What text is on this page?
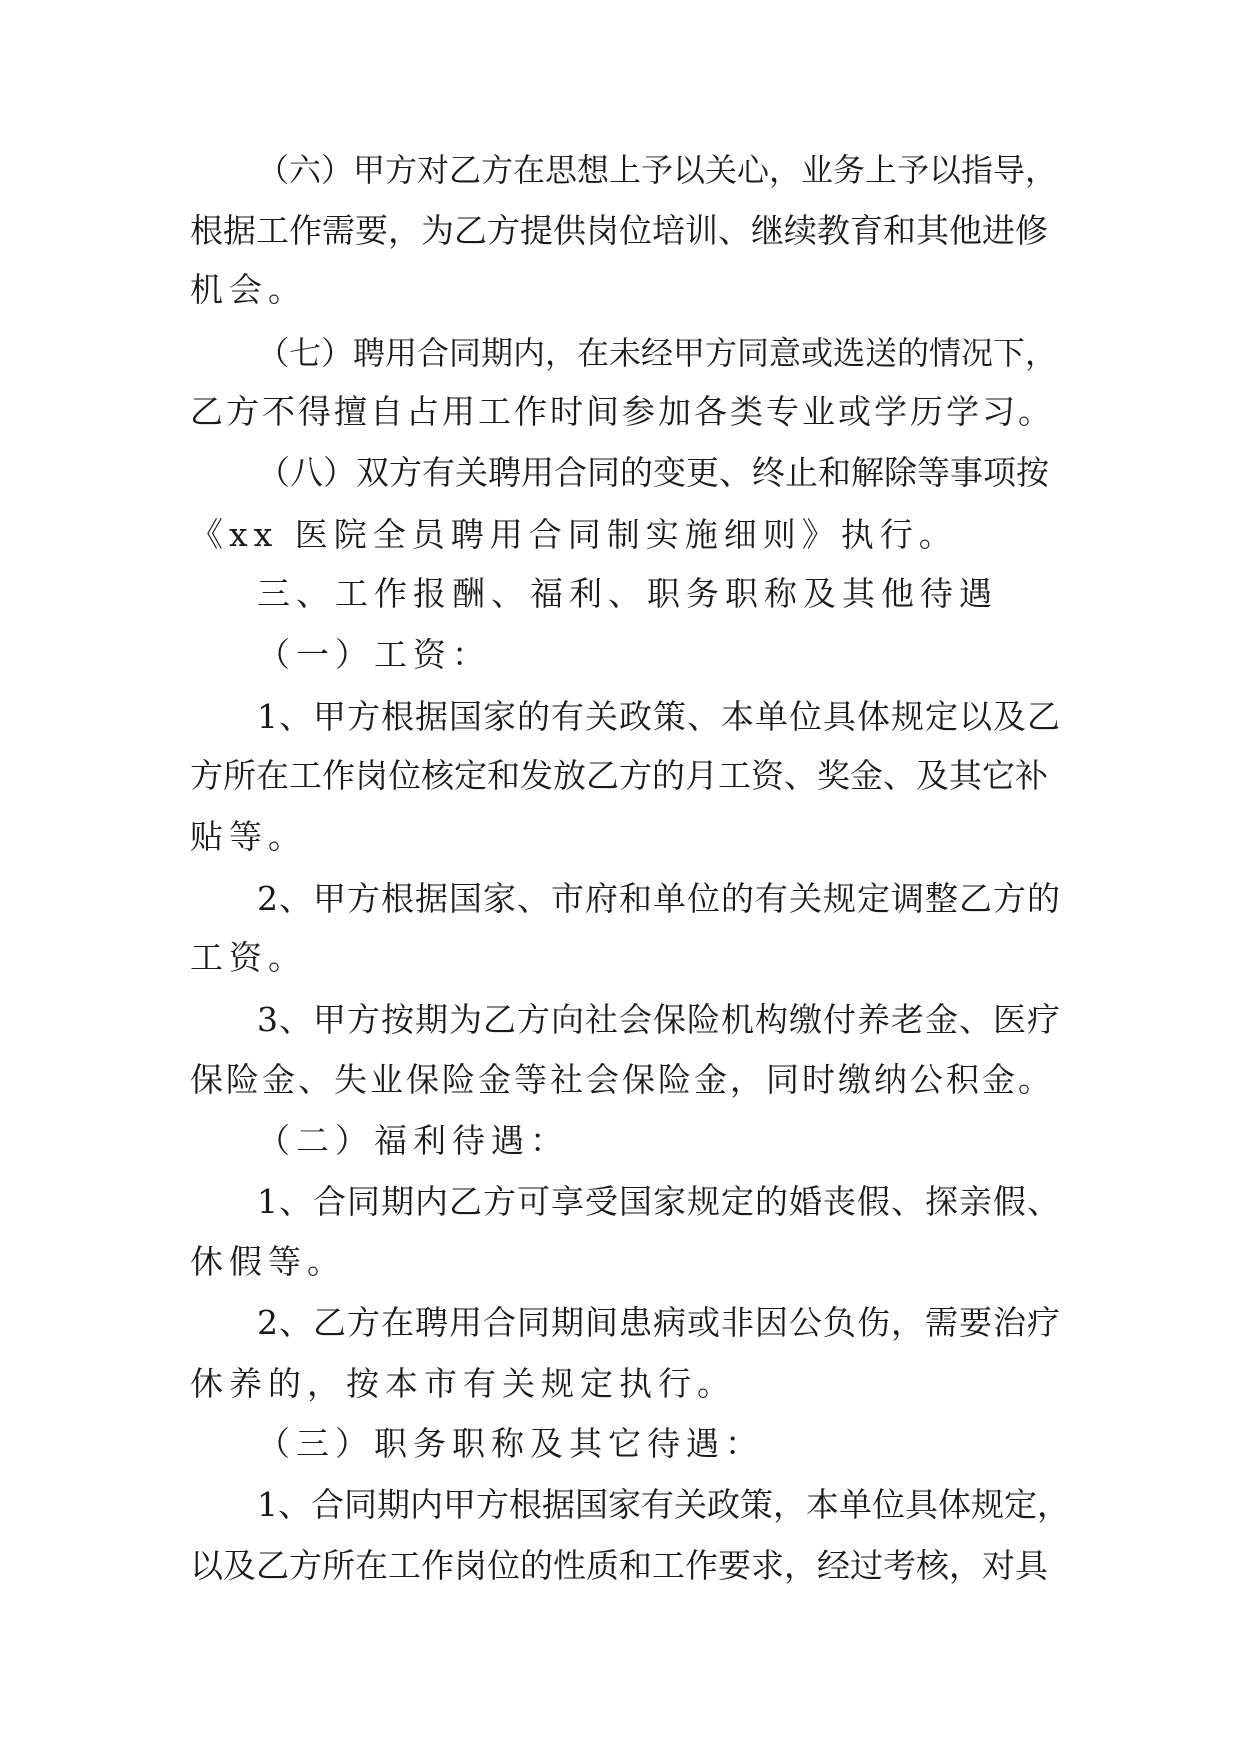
（六）甲方对乙方在思想上予以关心，业务上予以指导，

根据工作需要，为乙方提供岗位培训、继续教育和其他进修

机会。

（七）聘用合同期内，在未经甲方同意或选送的情况下，

乙方不得擅自占用工作时间参加各类专业或学历学习。

（八）双方有关聘用合同的变更、终止和解除等事项按

《xx 医院全员聘用合同制实施细则》执行。

三、工作报酬、福利、职务职称及其他待遇

（一）工资：

1、甲方根据国家的有关政策、本单位具体规定以及乙

方所在工作岗位核定和发放乙方的月工资、奖金、及其它补

贴等。

2、甲方根据国家、市府和单位的有关规定调整乙方的

工资。

3、甲方按期为乙方向社会保险机构缴付养老金、医疗

保险金、失业保险金等社会保险金，同时缴纳公积金。

（二）福利待遇：

1、合同期内乙方可享受国家规定的婚丧假、探亲假、

休假等。

2、乙方在聘用合同期间患病或非因公负伤，需要治疗

休养的，按本市有关规定执行。

（三）职务职称及其它待遇：

1、合同期内甲方根据国家有关政策，本单位具体规定，

以及乙方所在工作岗位的性质和工作要求，经过考核，对具
